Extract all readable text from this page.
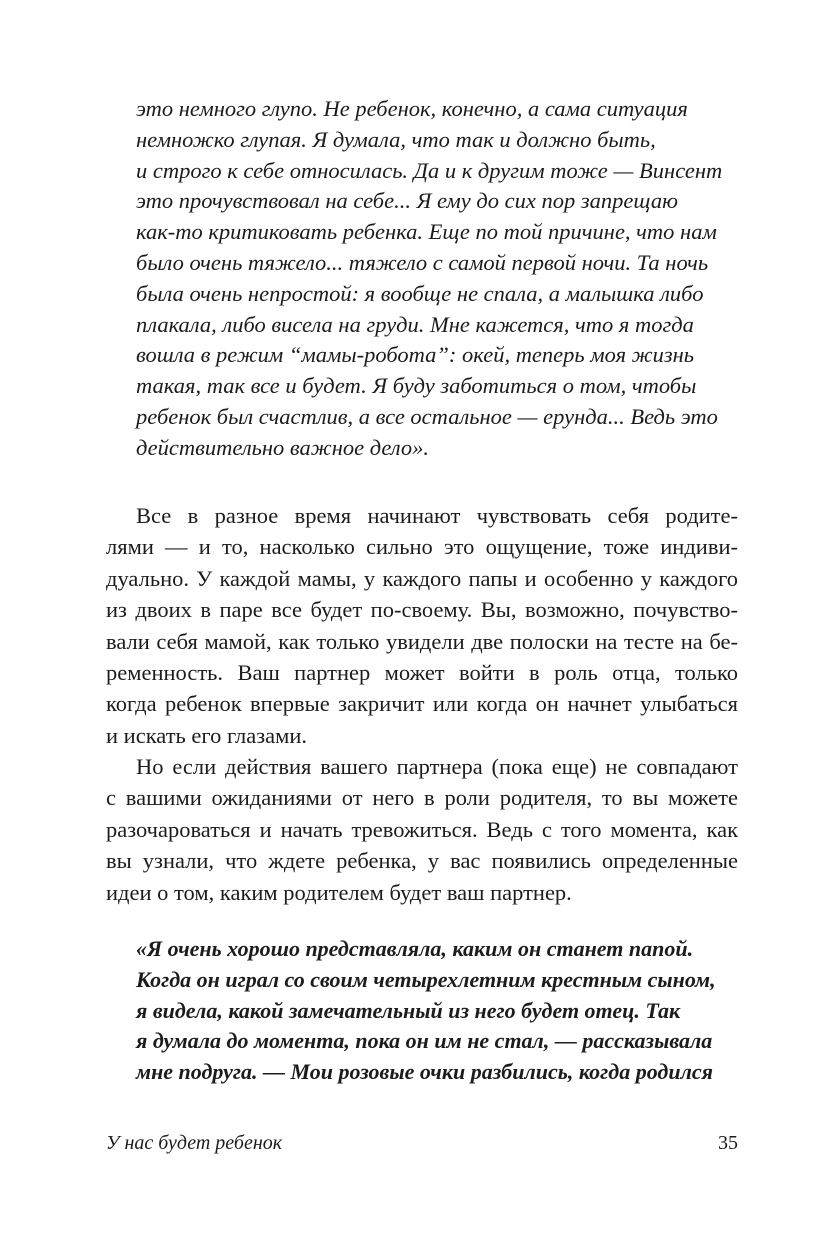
это немного глупо. Не ребенок, конечно, а сама ситуация
немножко глупая. Я думала, что так и должно быть,
и строго к себе относилась. Да и к другим тоже — Винсент
это прочувствовал на себе... Я ему до сих пор запрещаю
как-то критиковать ребенка. Еще по той причине, что нам
было очень тяжело... тяжело с самой первой ночи. Та ночь
была очень непростой: я вообще не спала, а малышка либо
плакала, либо висела на груди. Мне кажется, что я тогда
вошла в режим “мамы-робота”: окей, теперь моя жизнь
такая, так все и будет. Я буду заботиться о том, чтобы
ребенок был счастлив, а все остальное — ерунда... Ведь это
действительно важное дело».
Все в разное время начинают чувствовать себя родите-
лями — и то, насколько сильно это ощущение, тоже индиви-
дуально. У каждой мамы, у каждого папы и особенно у каждого
из двоих в паре все будет по-своему. Вы, возможно, почувство-
вали себя мамой, как только увидели две полоски на тесте на бе-
ременность. Ваш партнер может войти в роль отца, только
когда ребенок впервые закричит или когда он начнет улыбаться
и искать его глазами.
Но если действия вашего партнера (пока еще) не совпадают
с вашими ожиданиями от него в роли родителя, то вы можете
разочароваться и начать тревожиться. Ведь с того момента, как
вы узнали, что ждете ребенка, у вас появились определенные
идеи о том, каким родителем будет ваш партнер.
«Я очень хорошо представляла, каким он станет папой.
Когда он играл со своим четырехлетним крестным сыном,
я видела, какой замечательный из него будет отец. Так
я думала до момента, пока он им не стал, — рассказывала
мне подруга. — Мои розовые очки разбились, когда родился
У нас будет ребенок	35
